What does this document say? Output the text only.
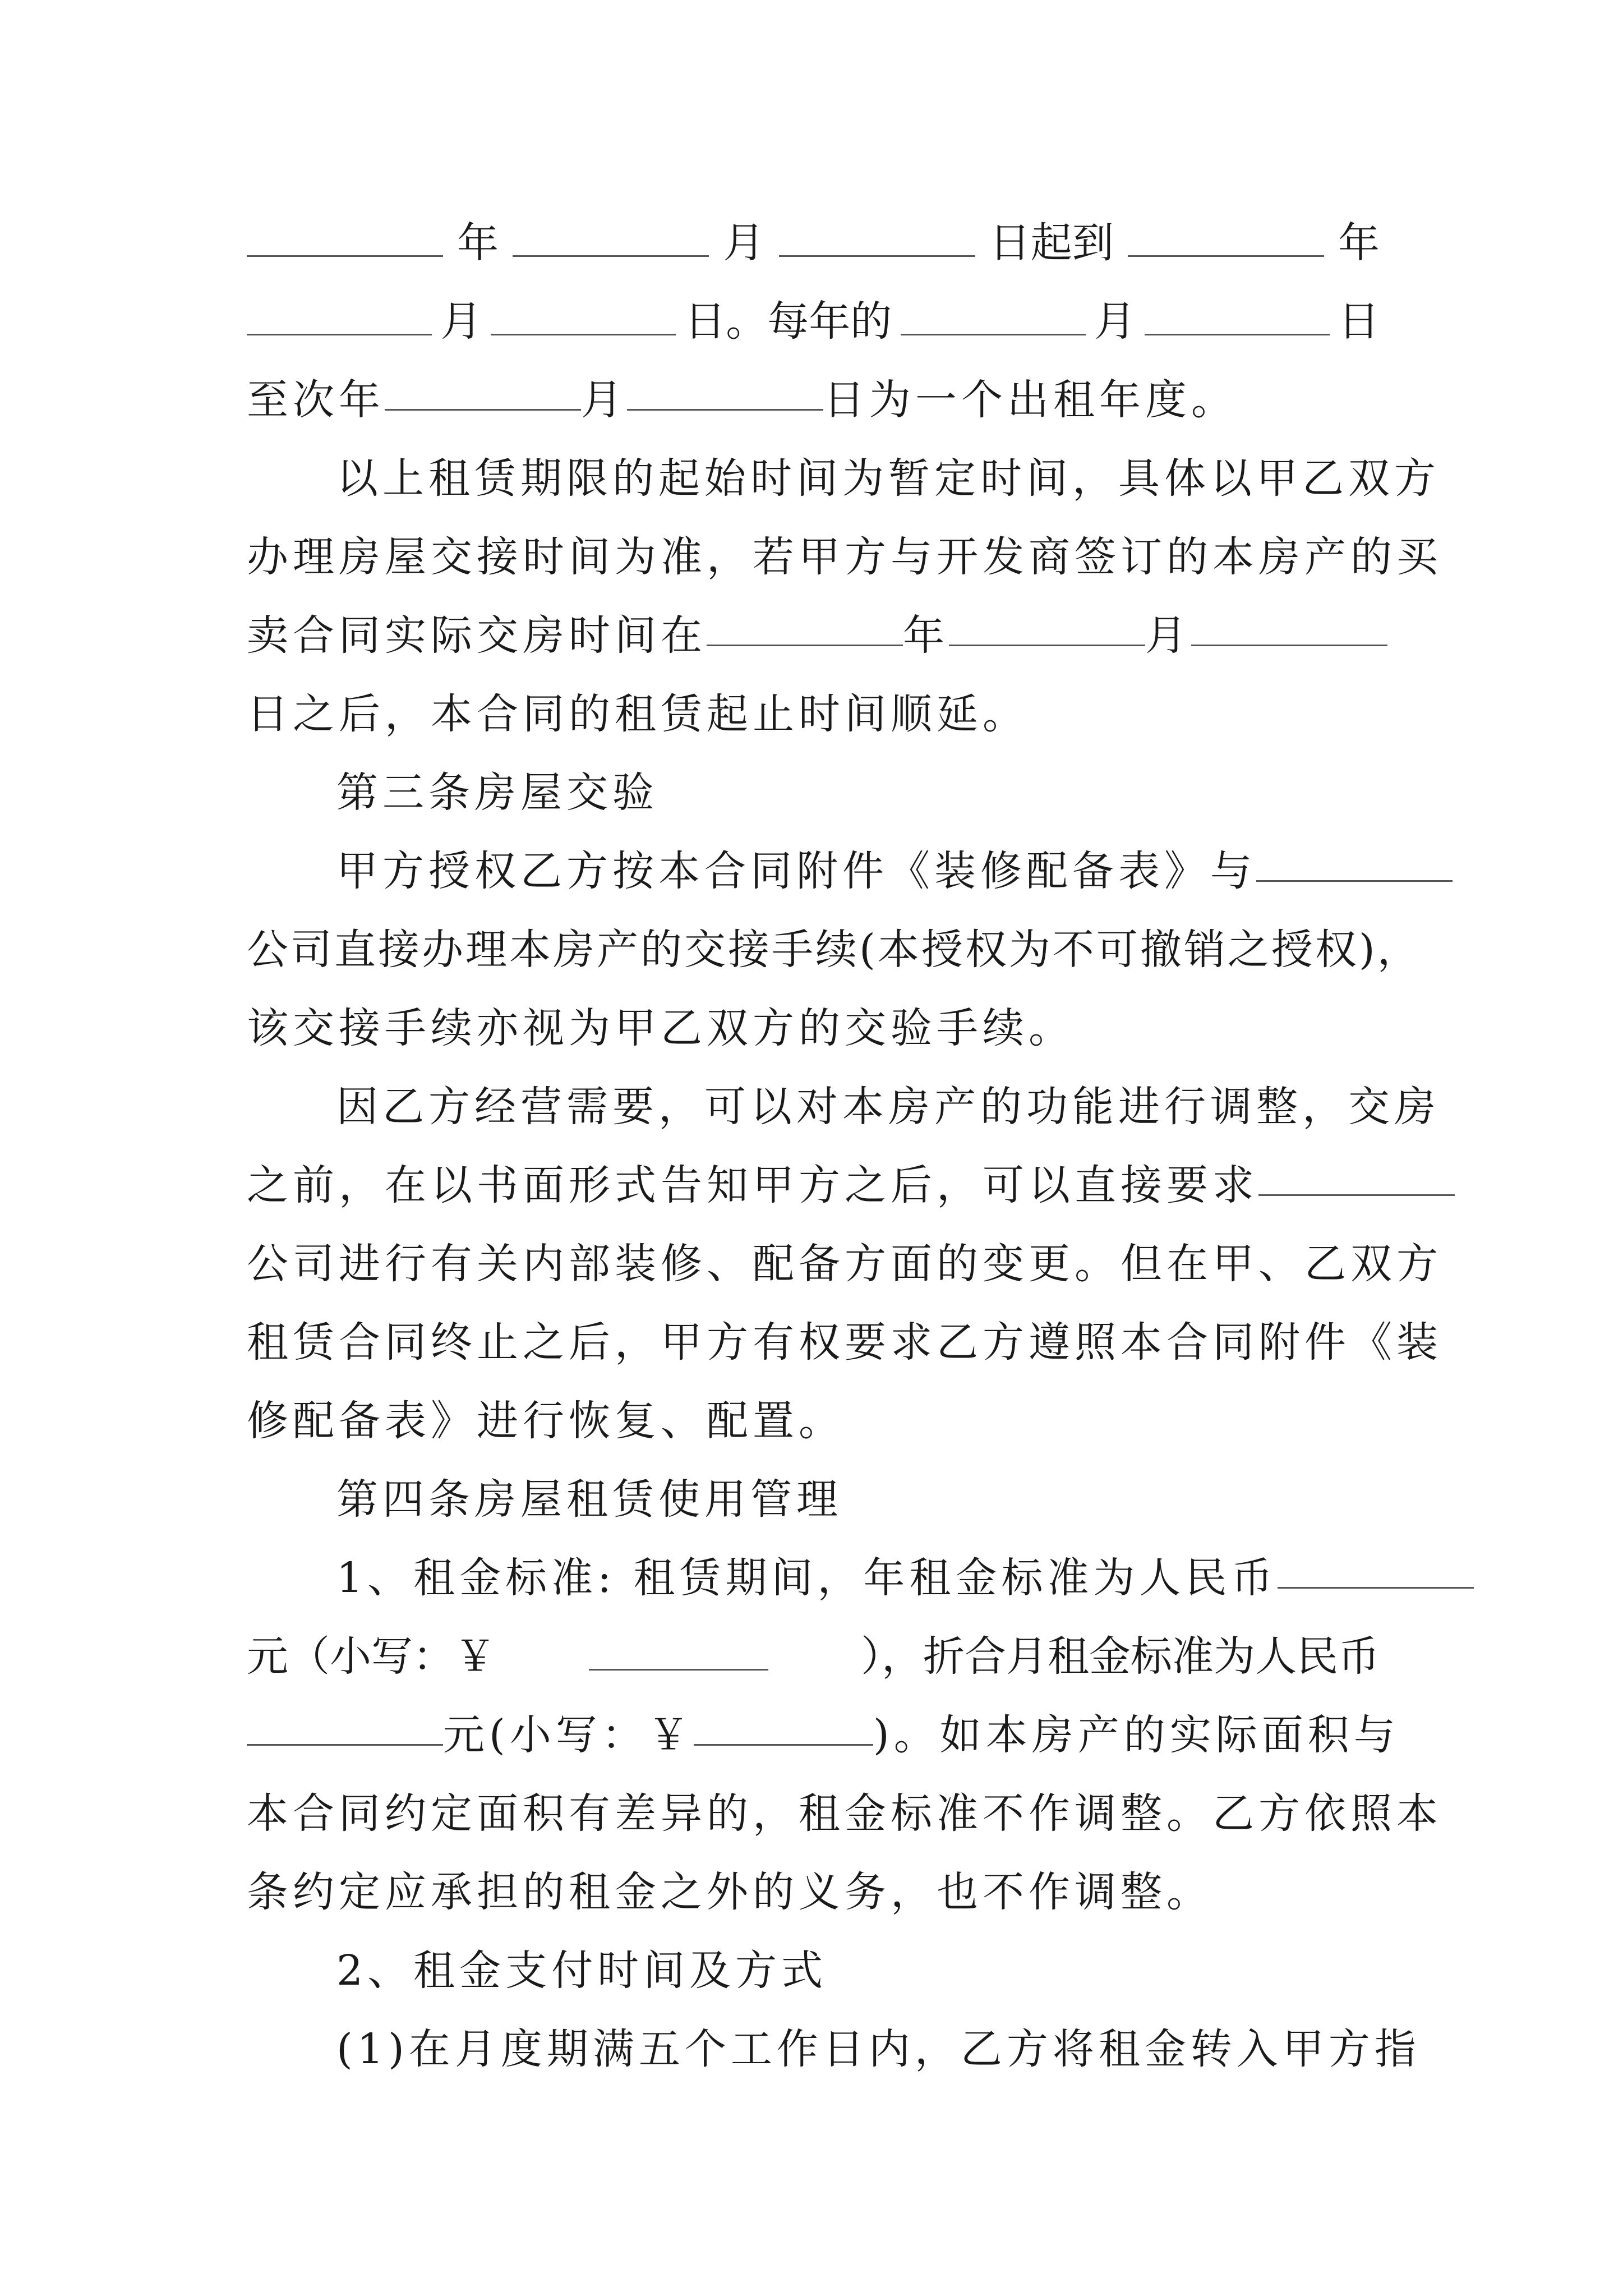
年	月	日起到	年
月	日。每年的	月	日
至次年	月	日为一个出租年度。
以上租赁期限的起始时间为暂定时间，具体以甲乙双方
办理房屋交接时间为准，若甲方与开发商签订的本房产的买
卖合同实际交房时间在	年	月
日之后，本合同的租赁起止时间顺延。
第三条房屋交验
甲方授权乙方按本合同附件《装修配备表》与
公司直接办理本房产的交接手续(本授权为不可撤销之授权)，
该交接手续亦视为甲乙双方的交验手续。
因乙方经营需要，可以对本房产的功能进行调整，交房
之前，在以书面形式告知甲方之后，可以直接要求
公司进行有关内部装修、配备方面的变更。但在甲、乙双方
租赁合同终止之后，甲方有权要求乙方遵照本合同附件《装
修配备表》进行恢复、配置。
第四条房屋租赁使用管理
1、租金标准: 租赁期间，年租金标准为人民币
元（小写：￥	），折合月租金标准为人民币
元(小写：￥	)。如本房产的实际面积与
本合同约定面积有差异的，租金标准不作调整。乙方依照本
条约定应承担的租金之外的义务，也不作调整。
2、租金支付时间及方式
(1)在月度期满五个工作日内，乙方将租金转入甲方指
